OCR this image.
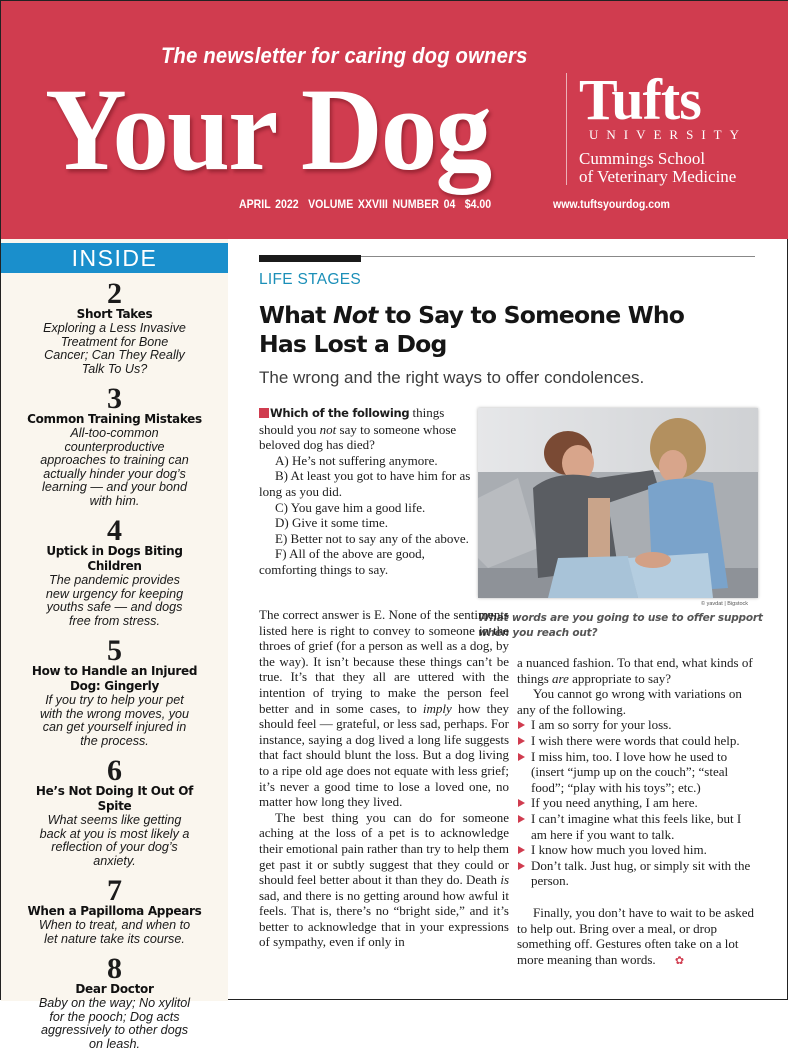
The newsletter for caring dog owners
Your Dog Tufts
UNIVERSITY
Cummings School
of Veterinary Medicine
APRIL 2022  VOLUME XXVIII NUMBER 04  $4.00	www.tuftsyourdog.com
INSIDE
2
Short Takes
Exploring a Less Invasive Treatment for Bone Cancer; Can They Really Talk To Us?
3
Common Training Mistakes
All-too-common counterproductive approaches to training can actually hinder your dog’s learning — and your bond with him.
4
Uptick in Dogs Biting Children
The pandemic provides new urgency for keeping youths safe — and dogs free from stress.
5
How to Handle an Injured Dog: Gingerly
If you try to help your pet with the wrong moves, you can get yourself injured in the process.
6
He’s Not Doing It Out Of Spite
What seems like getting back at you is most likely a reflection of your dog’s anxiety.
7
When a Papilloma Appears
When to treat, and when to let nature take its course.
8
Dear Doctor
Baby on the way; No xylitol for the pooch; Dog acts aggressively to other dogs on leash.
LIFE STAGES
What Not to Say to Someone Who Has Lost a Dog
The wrong and the right ways to offer condolences.
Which of the following things should you not say to someone whose beloved dog has died?
A) He’s not suffering anymore.
B) At least you got to have him for as long as you did.
C) You gave him a good life.
D) Give it some time.
E) Better not to say any of the above.
F) All of the above are good, comforting things to say.
© yavdat | Bigstock
What words are you going to use to offer support when you reach out?

The correct answer is E. None of the sentiments listed here is right to convey to someone in the throes of grief (for a person as well as a dog, by the way). It isn’t because these things can’t be true. It’s that they all are uttered with the intention of trying to make the person feel better and in some cases, to imply how they should feel — grateful, or less sad, perhaps. For instance, saying a dog lived a long life suggests that fact should blunt the loss. But a dog living to a ripe old age does not equate with less grief; it’s never a good time to lose a loved one, no matter how long they lived.

The best thing you can do for someone aching at the loss of a pet is to acknowledge their emotional pain rather than try to help them get past it or subtly suggest that they could or should feel better about it than they do. Death is sad, and there is no getting around how awful it feels. That is, there’s no “bright side,” and it’s better to acknowledge that in your expressions of sympathy, even if only in

a nuanced fashion. To that end, what kinds of things are appropriate to say?

You cannot go wrong with variations on any of the following.

I am so sorry for your loss.
I wish there were words that could help.
I miss him, too. I love how he used to (insert “jump up on the couch”; “steal food”; “play with his toys”; etc.)
If you need anything, I am here.
I can’t imagine what this feels like, but I am here if you want to talk.
I know how much you loved him.
Don’t talk. Just hug, or simply sit with the person.

Finally, you don’t have to wait to be asked to help out. Bring over a meal, or drop something off. Gestures often take on a lot more meaning than words. ✿
